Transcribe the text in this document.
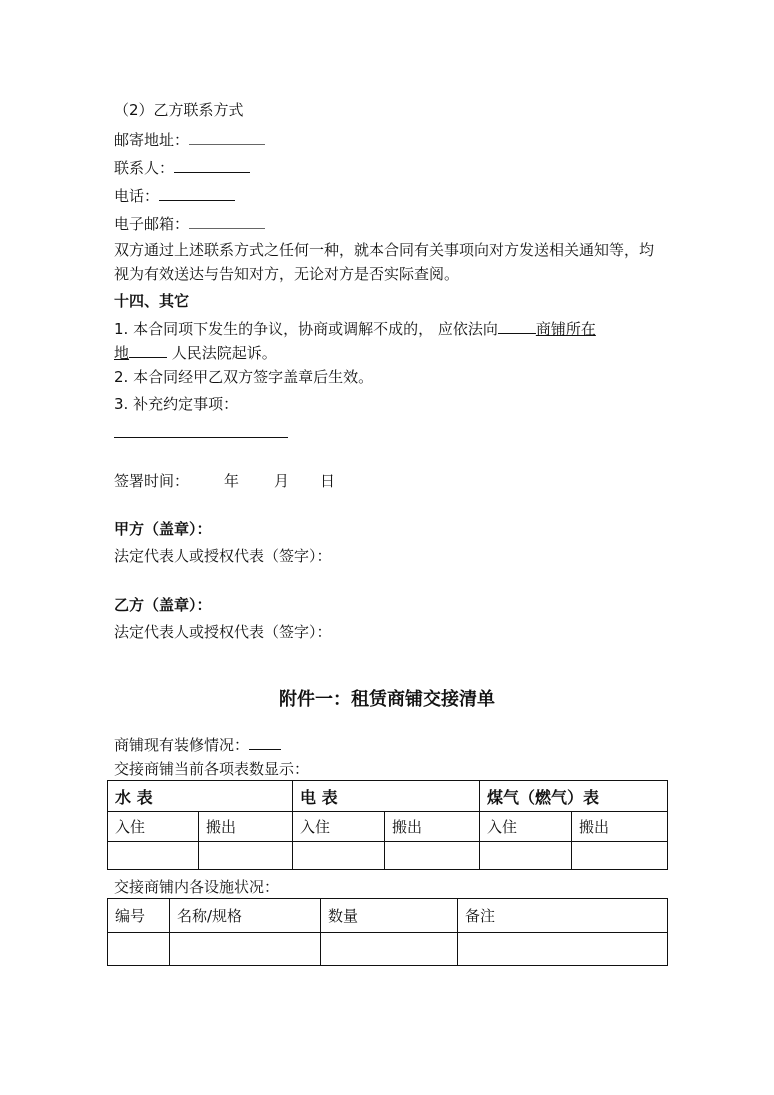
（2）乙方联系方式
邮寄地址：
联系人：
电话：
电子邮箱：
双方通过上述联系方式之任何一种，就本合同有关事项向对方发送相关通知等，均
视为有效送达与告知对方，无论对方是否实际查阅。
十四、其它
1. 本合同项下发生的争议，协商或调解不成的， 应依法向	商铺所在
地	人民法院起诉。
2. 本合同经甲乙双方签字盖章后生效。
3. 补充约定事项：
签署时间： 年 月 日
甲方（盖章）：
法定代表人或授权代表（签字）：
乙方（盖章）：
法定代表人或授权代表（签字）：
附件一：租赁商铺交接清单
商铺现有装修情况：
交接商铺当前各项表数显示：
水 表		电 表		煤气（燃气）表	
入住	搬出	入住	搬出	入住	搬出

交接商铺内各设施状况：
编号	名称/规格	数量	备注
